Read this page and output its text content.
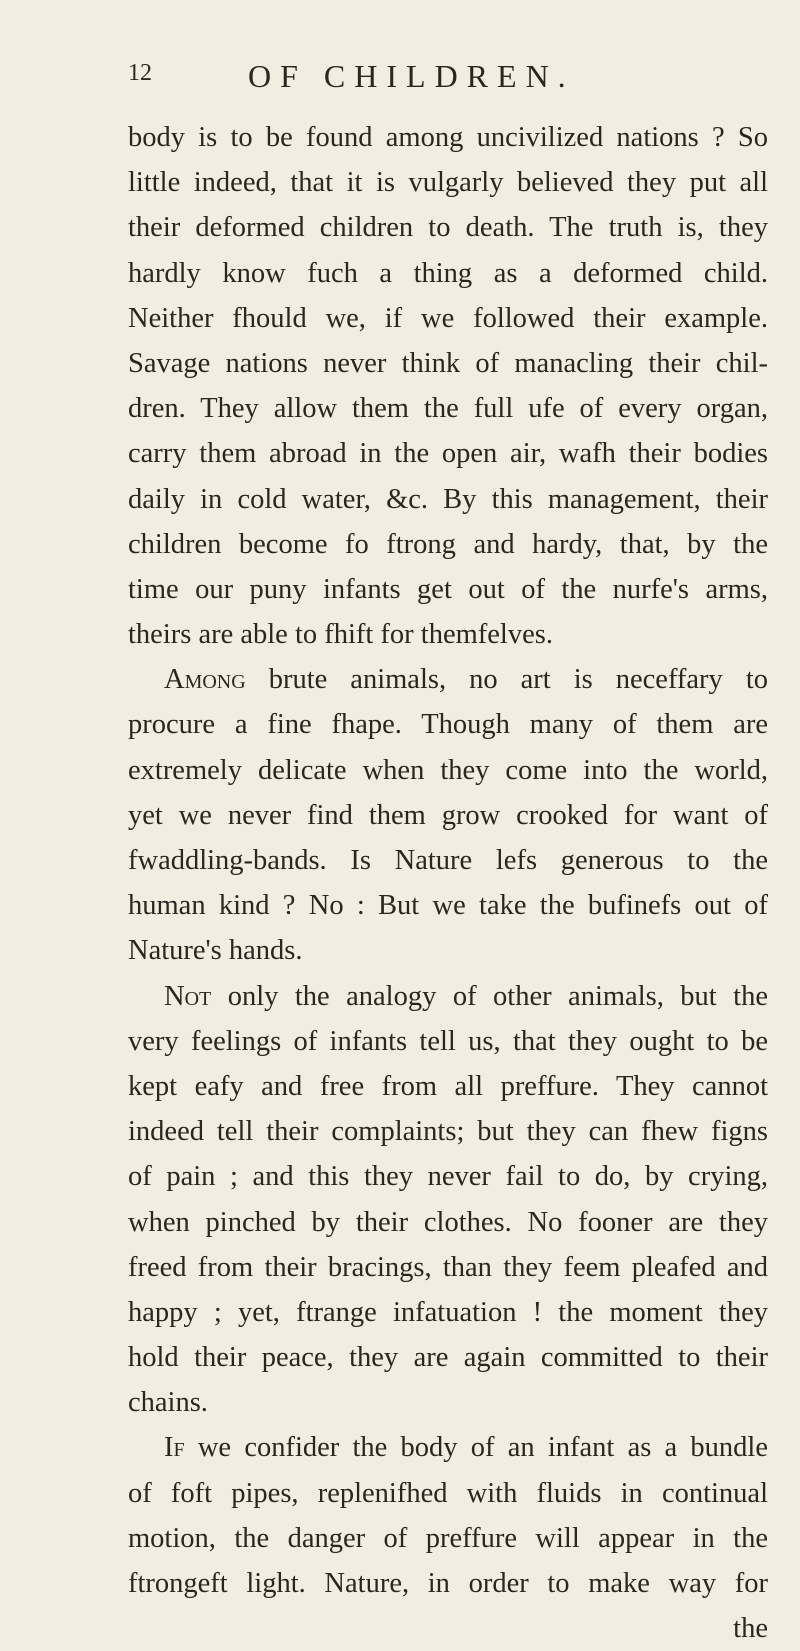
12	OF CHILDREN.
body is to be found among uncivilized nations ? So
little indeed, that it is vulgarly believed they put all
their deformed children to death. The truth is, they
hardly know fuch a thing as a deformed child.
Neither fhould we, if we followed their example.
Savage nations never think of manacling their chil-
dren. They allow them the full ufe of every organ,
carry them abroad in the open air, wafh their bodies
daily in cold water, &c. By this management, their
children become fo ftrong and hardy, that, by the
time our puny infants get out of the nurfe's arms,
theirs are able to fhift for themfelves.
Among brute animals, no art is neceffary to
procure a fine fhape. Though many of them are
extremely delicate when they come into the world,
yet we never find them grow crooked for want of
fwaddling-bands. Is Nature lefs generous to the
human kind ? No : But we take the bufinefs out of
Nature's hands.
Not only the analogy of other animals, but the
very feelings of infants tell us, that they ought to be
kept eafy and free from all preffure. They cannot
indeed tell their complaints; but they can fhew figns
of pain ; and this they never fail to do, by crying,
when pinched by their clothes. No fooner are they
freed from their bracings, than they feem pleafed and
happy ; yet, ftrange infatuation ! the moment they
hold their peace, they are again committed to their
chains.
If we confider the body of an infant as a bundle
of foft pipes, replenifhed with fluids in continual
motion, the danger of preffure will appear in the
ftrongeft light. Nature, in order to make way for
the
